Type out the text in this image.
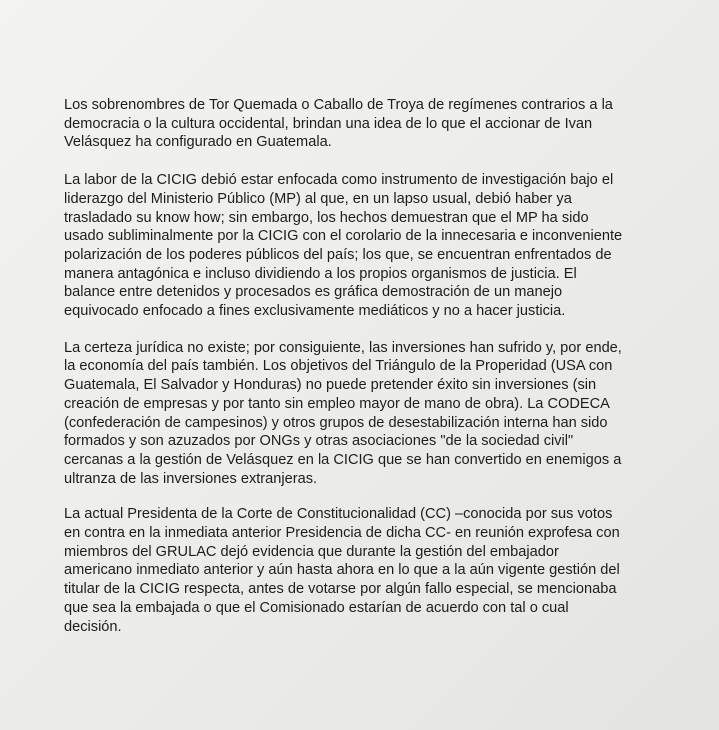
Los sobrenombres de Tor Quemada o Caballo de Troya de regímenes contrarios a la
democracia o la cultura occidental, brindan una idea de lo que el accionar de Ivan
Velásquez ha configurado en Guatemala.

La labor de la CICIG debió estar enfocada como instrumento de investigación bajo el
liderazgo del Ministerio Público (MP) al que, en un lapso usual, debió haber ya
trasladado su know how; sin embargo, los hechos demuestran que el MP ha sido
usado subliminalmente por la CICIG con el corolario de la innecesaria e inconveniente
polarización de los poderes públicos del país; los que, se encuentran enfrentados de
manera antagónica e incluso dividiendo a los propios organismos de justicia. El
balance entre detenidos y procesados es gráfica demostración de un manejo
equivocado enfocado a fines exclusivamente mediáticos y no a hacer justicia.

La certeza jurídica no existe; por consiguiente, las inversiones han sufrido y, por ende,
la economía del país también. Los objetivos del Triángulo de la Properidad (USA con
Guatemala, El Salvador y Honduras) no puede pretender éxito sin inversiones (sin
creación de empresas y por tanto sin empleo mayor de mano de obra). La CODECA
(confederación de campesinos) y otros grupos de desestabilización interna han sido
formados y son azuzados por ONGs y otras asociaciones "de la sociedad civil"
cercanas a la gestión de Velásquez en la CICIG que se han convertido en enemigos a
ultranza de las inversiones extranjeras.

La actual Presidenta de la Corte de Constitucionalidad (CC) –conocida por sus votos
en contra en la inmediata anterior Presidencia de dicha CC- en reunión exprofesa con
miembros del GRULAC dejó evidencia que durante la gestión del embajador
americano inmediato anterior y aún hasta ahora en lo que a la aún vigente gestión del
titular de la CICIG respecta, antes de votarse por algún fallo especial, se mencionaba
que sea la embajada o que el Comisionado estarían de acuerdo con tal o cual
decisión.
